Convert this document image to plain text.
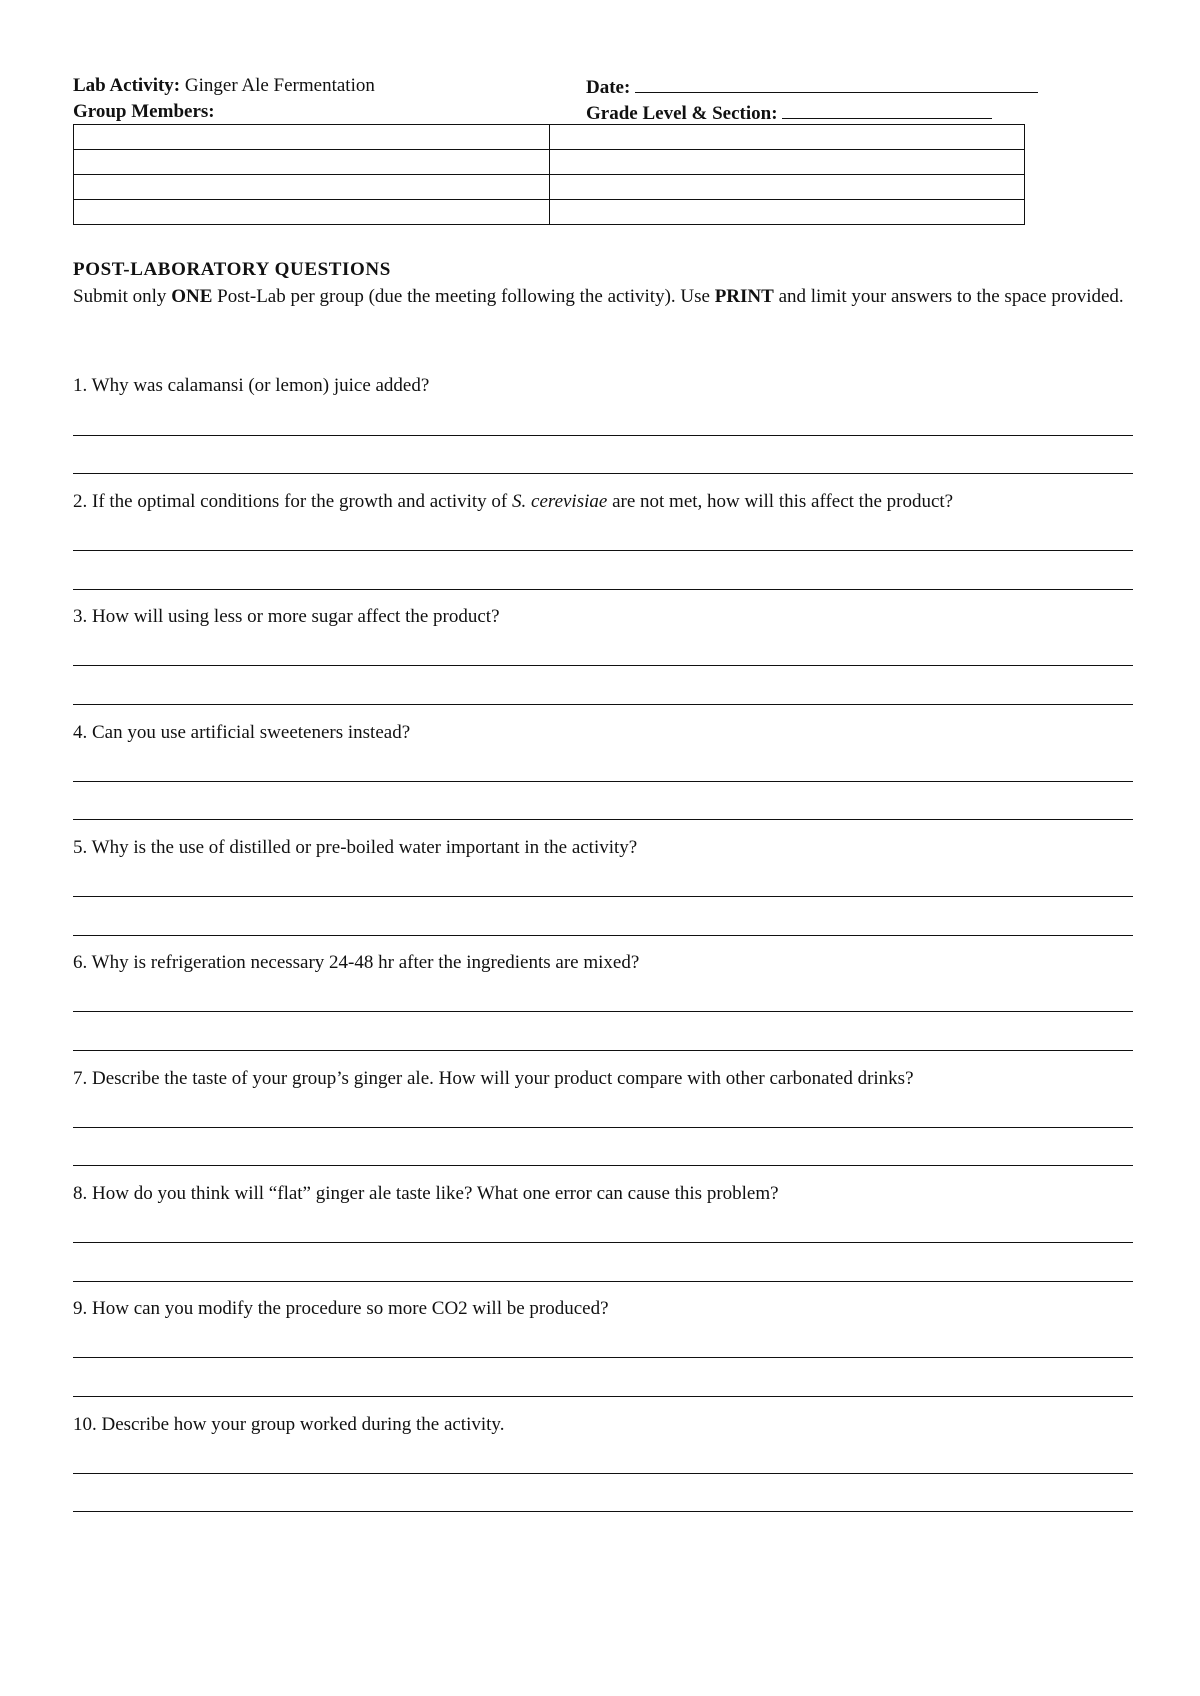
Lab Activity: Ginger Ale Fermentation	Date:
Group Members:	Grade Level & Section:

POST-LABORATORY QUESTIONS
Submit only ONE Post-Lab per group (due the meeting following the activity). Use PRINT and limit your answers to the space provided.
1. Why was calamansi (or lemon) juice added?
2. If the optimal conditions for the growth and activity of S. cerevisiae are not met, how will this affect the product?
3. How will using less or more sugar affect the product?
4. Can you use artificial sweeteners instead?
5. Why is the use of distilled or pre-boiled water important in the activity?
6. Why is refrigeration necessary 24-48 hr after the ingredients are mixed?
7. Describe the taste of your group’s ginger ale. How will your product compare with other carbonated drinks?
8. How do you think will “flat” ginger ale taste like? What one error can cause this problem?
9. How can you modify the procedure so more CO2 will be produced?
10. Describe how your group worked during the activity.
